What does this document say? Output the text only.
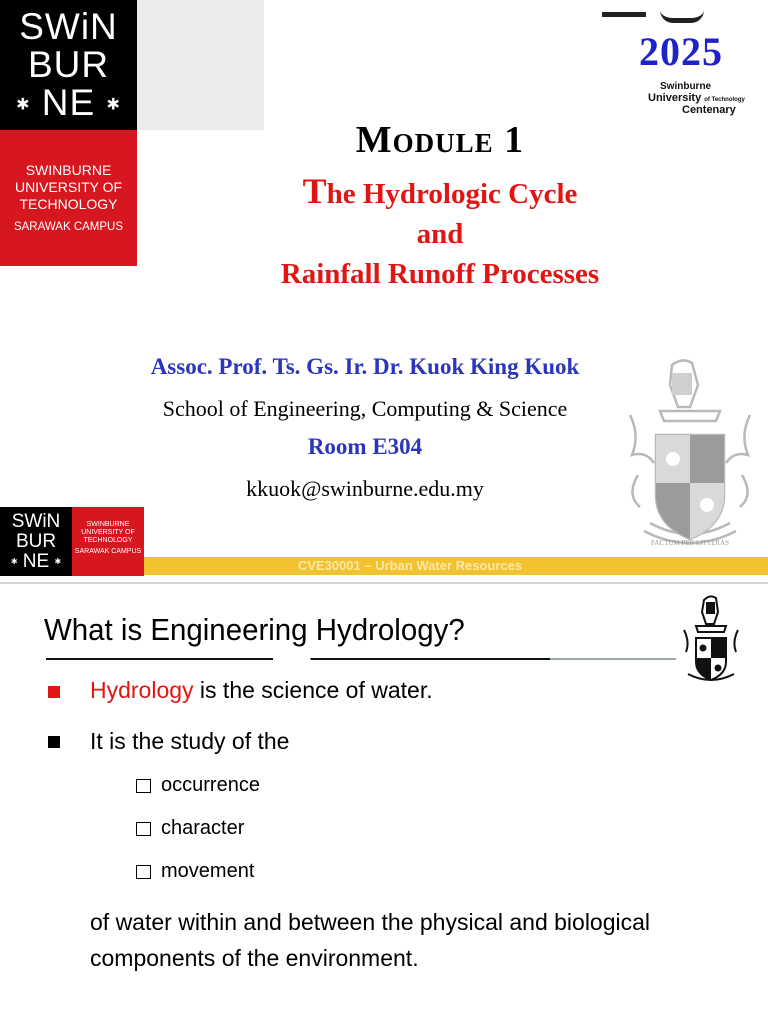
SWiN
BUR
✱ NE ✱
SWINBURNE
UNIVERSITY OF
TECHNOLOGY
SARAWAK CAMPUS
2025
Swinburne
University of Technology
Centenary
Module 1
The Hydrologic Cycle
and
Rainfall Runoff Processes
Assoc. Prof. Ts. Gs. Ir. Dr. Kuok King Kuok
School of Engineering, Computing & Science
Room E304
kkuok@swinburne.edu.my
FACTUM PER LITTERAS
CVE30001 – Urban Water Resources
SWiN
BUR
✱ NE ✱
SWINBURNE
UNIVERSITY OF
TECHNOLOGY
SARAWAK CAMPUS
What is Engineering Hydrology?
Hydrology is the science of water.
It is the study of the
occurrence
character
movement
of water within and between the physical and biological components of the environment.
